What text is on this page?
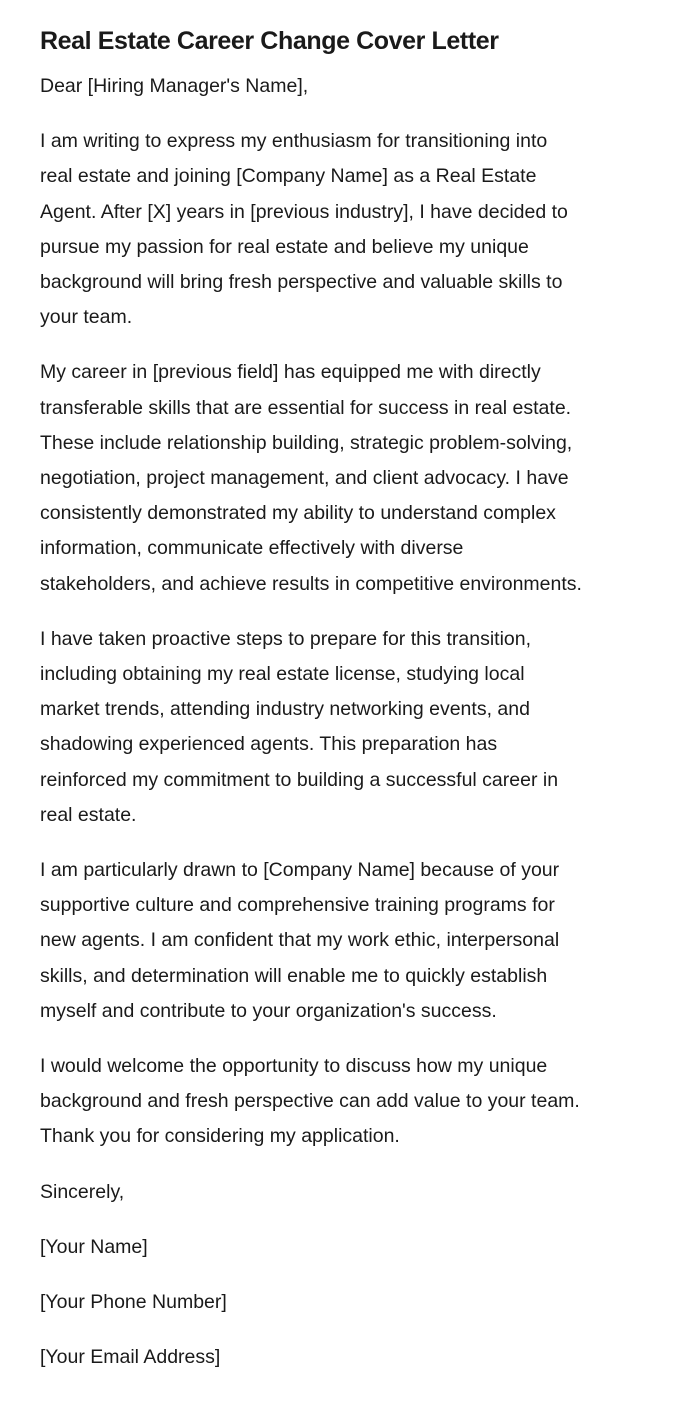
Real Estate Career Change Cover Letter

Dear [Hiring Manager's Name],

I am writing to express my enthusiasm for transitioning into
real estate and joining [Company Name] as a Real Estate
Agent. After [X] years in [previous industry], I have decided to
pursue my passion for real estate and believe my unique
background will bring fresh perspective and valuable skills to
your team.

My career in [previous field] has equipped me with directly
transferable skills that are essential for success in real estate.
These include relationship building, strategic problem-solving,
negotiation, project management, and client advocacy. I have
consistently demonstrated my ability to understand complex
information, communicate effectively with diverse
stakeholders, and achieve results in competitive environments.

I have taken proactive steps to prepare for this transition,
including obtaining my real estate license, studying local
market trends, attending industry networking events, and
shadowing experienced agents. This preparation has
reinforced my commitment to building a successful career in
real estate.

I am particularly drawn to [Company Name] because of your
supportive culture and comprehensive training programs for
new agents. I am confident that my work ethic, interpersonal
skills, and determination will enable me to quickly establish
myself and contribute to your organization's success.

I would welcome the opportunity to discuss how my unique
background and fresh perspective can add value to your team.
Thank you for considering my application.

Sincerely,

[Your Name]

[Your Phone Number]

[Your Email Address]
